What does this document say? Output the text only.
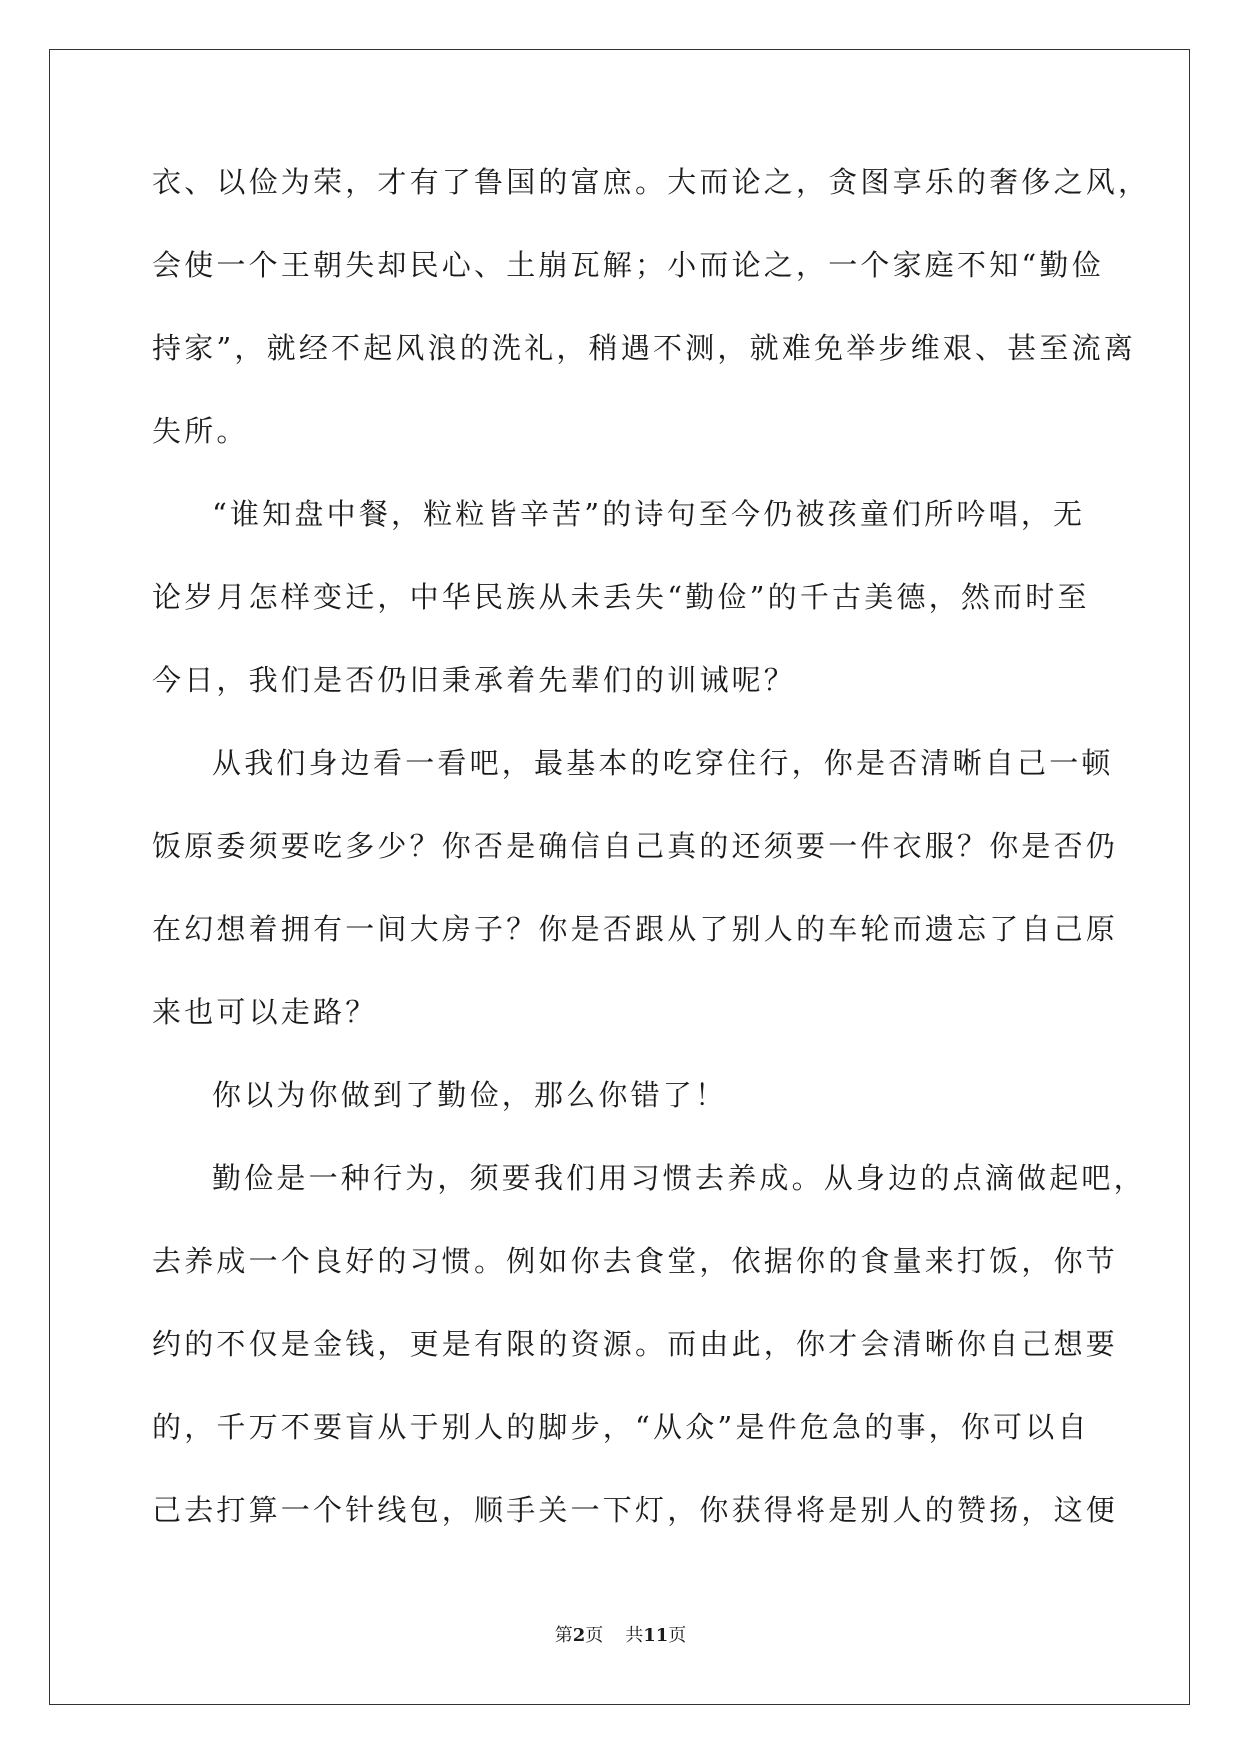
衣、以俭为荣，才有了鲁国的富庶。大而论之，贪图享乐的奢侈之风，
会使一个王朝失却民心、土崩瓦解；小而论之，一个家庭不知“勤俭
持家”，就经不起风浪的洗礼，稍遇不测，就难免举步维艰、甚至流离
失所。
“谁知盘中餐，粒粒皆辛苦”的诗句至今仍被孩童们所吟唱，无
论岁月怎样变迁，中华民族从未丢失“勤俭”的千古美德，然而时至
今日，我们是否仍旧秉承着先辈们的训诫呢？
从我们身边看一看吧，最基本的吃穿住行，你是否清晰自己一顿
饭原委须要吃多少？你否是确信自己真的还须要一件衣服？你是否仍
在幻想着拥有一间大房子？你是否跟从了别人的车轮而遗忘了自己原
来也可以走路？
你以为你做到了勤俭，那么你错了！
勤俭是一种行为，须要我们用习惯去养成。从身边的点滴做起吧，
去养成一个良好的习惯。例如你去食堂，依据你的食量来打饭，你节
约的不仅是金钱，更是有限的资源。而由此，你才会清晰你自己想要
的，千万不要盲从于别人的脚步，“从众”是件危急的事，你可以自
己去打算一个针线包，顺手关一下灯，你获得将是别人的赞扬，这便
第2页 共11页
